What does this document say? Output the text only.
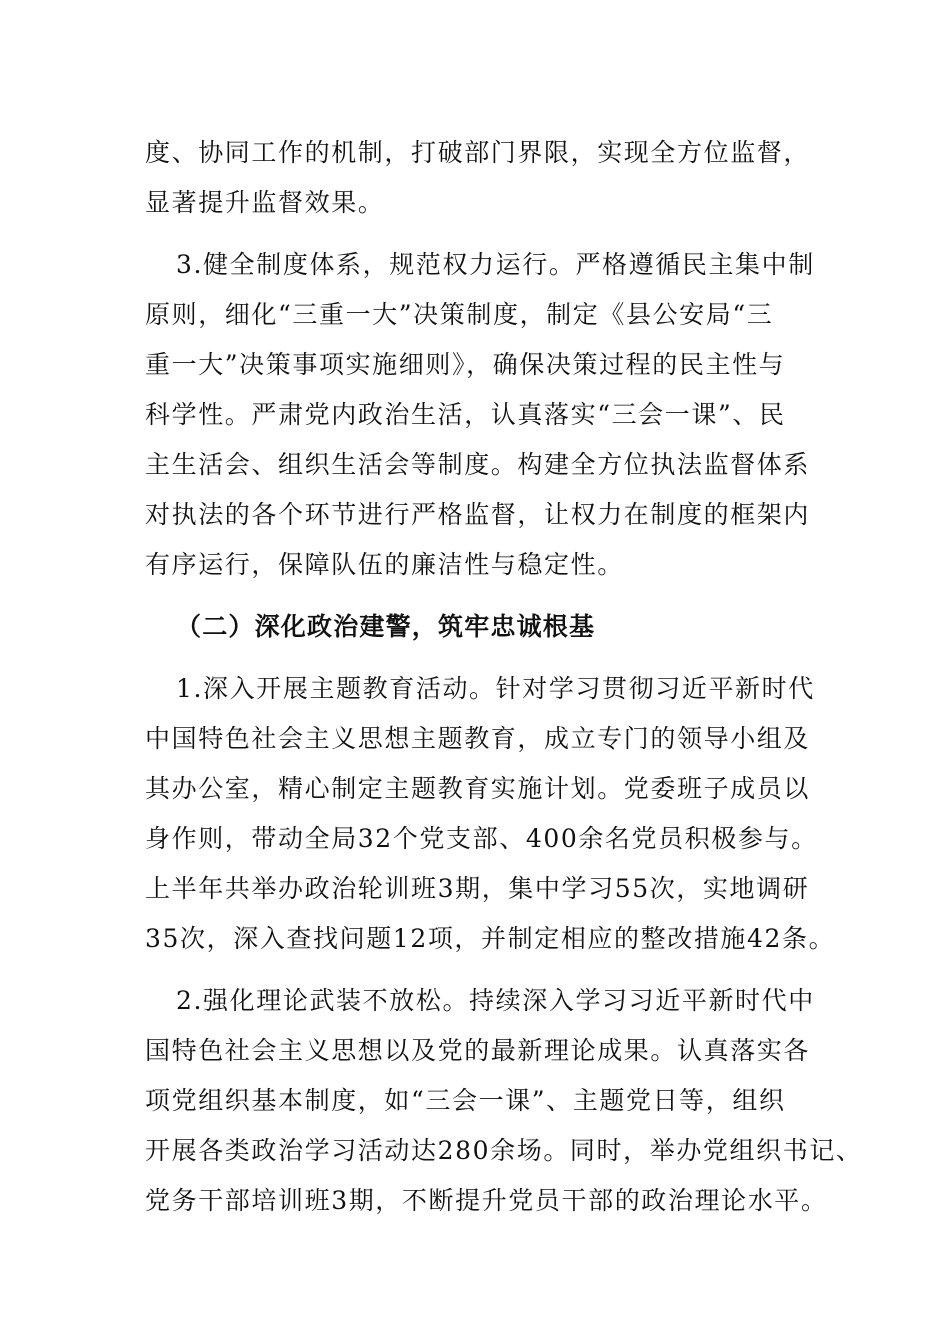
度、协同工作的机制，打破部门界限，实现全方位监督，
显著提升监督效果。
3.健全制度体系，规范权力运行。严格遵循民主集中制
原则，细化“三重一大”决策制度，制定《县公安局“三
重一大”决策事项实施细则》，确保决策过程的民主性与
科学性。严肃党内政治生活，认真落实“三会一课”、民
主生活会、组织生活会等制度。构建全方位执法监督体系
对执法的各个环节进行严格监督，让权力在制度的框架内
有序运行，保障队伍的廉洁性与稳定性。
（二）深化政治建警，筑牢忠诚根基
1.深入开展主题教育活动。针对学习贯彻习近平新时代
中国特色社会主义思想主题教育，成立专门的领导小组及
其办公室，精心制定主题教育实施计划。党委班子成员以
身作则，带动全局32个党支部、400余名党员积极参与。
上半年共举办政治轮训班3期，集中学习55次，实地调研
35次，深入查找问题12项，并制定相应的整改措施42条。
2.强化理论武装不放松。持续深入学习习近平新时代中
国特色社会主义思想以及党的最新理论成果。认真落实各
项党组织基本制度，如“三会一课”、主题党日等，组织
开展各类政治学习活动达280余场。同时，举办党组织书记、
党务干部培训班3期，不断提升党员干部的政治理论水平。
